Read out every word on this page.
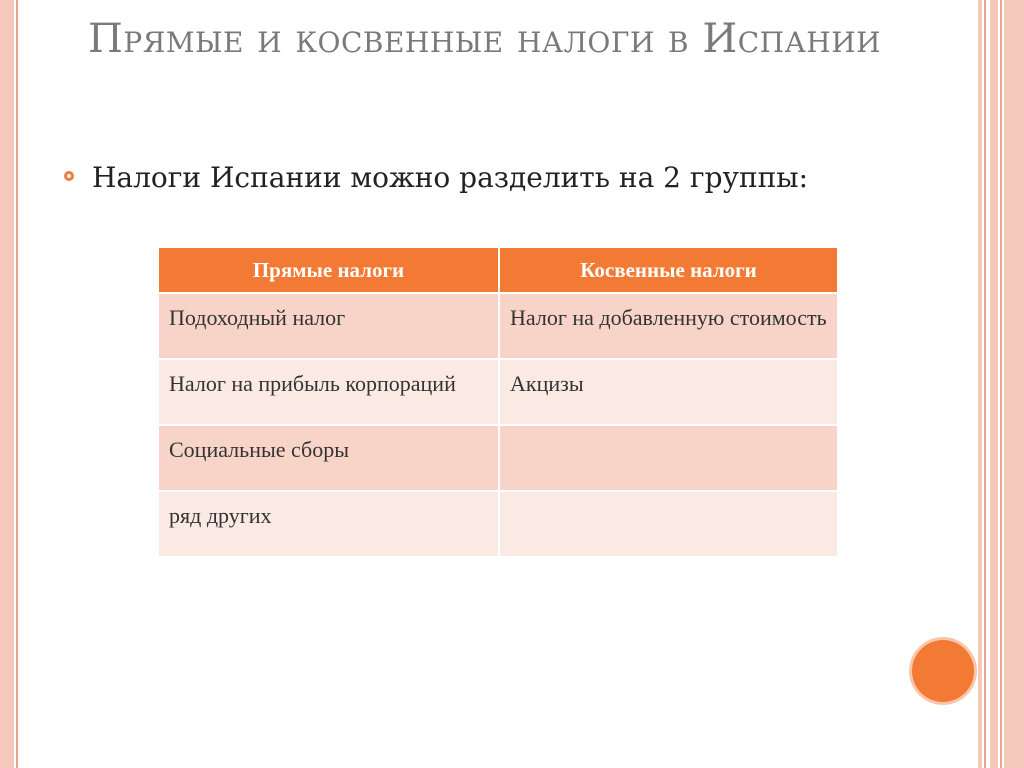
Прямые и косвенные налоги в Испании
Налоги Испании можно разделить на 2 группы:
Прямые налоги	Косвенные налоги
Подоходный налог	Налог на добавленную стоимость
Налог на прибыль корпораций	Акцизы
Социальные сборы	
ряд других	
